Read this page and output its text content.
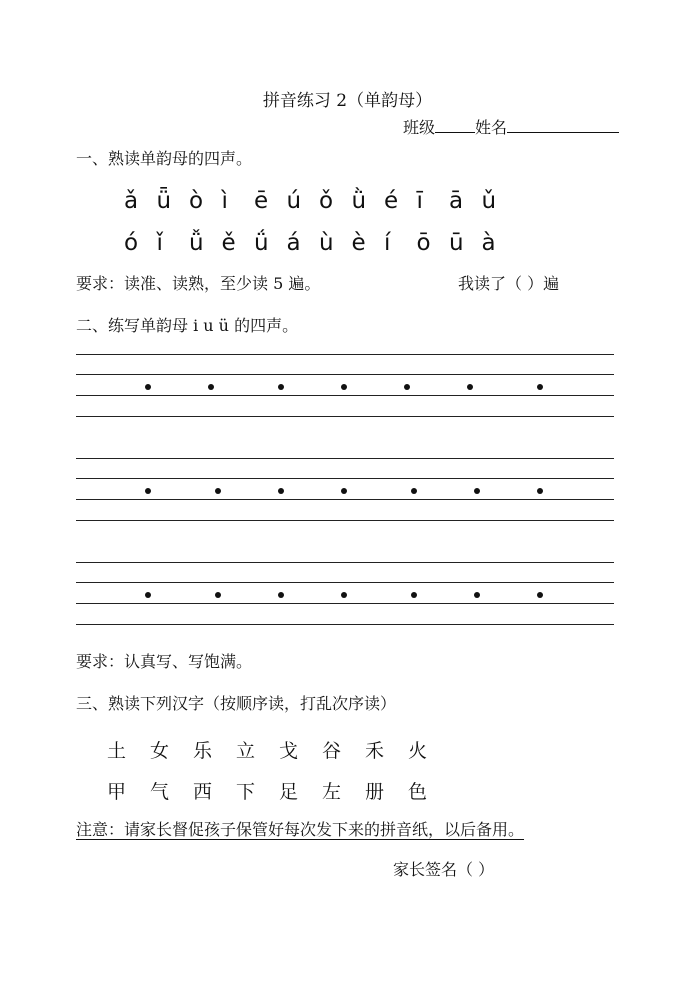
拼音练习 2（单韵母）
班级	姓名
一、熟读单韵母的四声。
ǎ ǖ ò ì ē ú ǒ ǜ é ī ā ǔ
ó ǐ ǚ ě ǘ á ù è í ō ū à
要求：读准、读熟，至少读 5 遍。	我读了（ ）遍
二、练写单韵母 i u ü 的四声。
要求：认真写、写饱满。
三、熟读下列汉字（按顺序读，打乱次序读）
土 女 乐 立 戈 谷 禾 火
甲 气 西 下 足 左 册 色
注意：请家长督促孩子保管好每次发下来的拼音纸，以后备用。
家长签名（ ）
